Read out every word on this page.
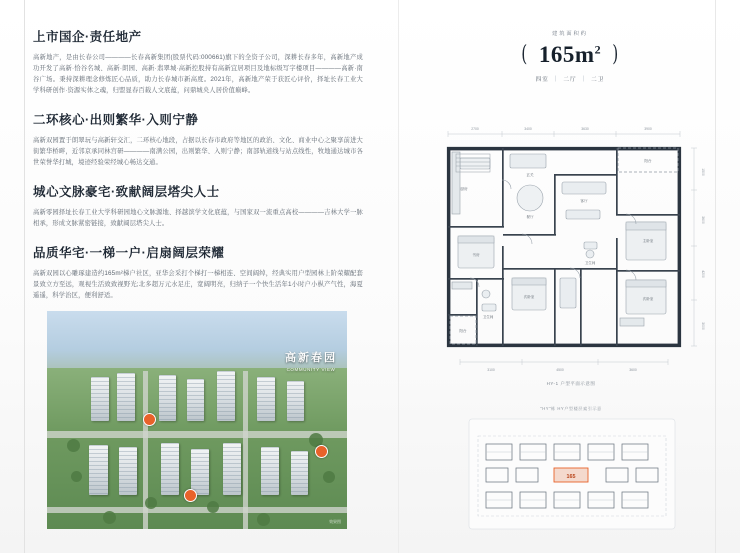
上市国企·责任地产

高新地产，是由长春公司————长春高新集团(股票代码:000661)旗下的全资子公司，深耕长春多年，高新地产成功开发了高新·恰谷名城、高新·朗园、高新·翡翠城·高新控股持有高新宜居项目及地标级写字楼项目————高新·南谷广场。秉持深耕理念修炼匠心品质，助力长春城市新高度。2021年，高新地产荣于获匠心评价，择址长春工业大学科研创作·资源实体之魂，归盟显春百载人文底蕴，问鼎城央人居价值巅峰。

二环核心·出则繁华·入则宁静

高新双园置于朗翠玩与高新轩交汇，二环核心地段，占据以长春市政府等地区的政治、文化、商业中心之聚享前进大街繁华桥畔，近邻京承同林宫研————南满公园，出则繁华、入则宁静；南部轨道线与站点线性，牧地通达城市各世荣誉华打城，境迹经验荣经城心畅达交通。

城心文脉豪宅·致献阔层塔尖人士

高新零园择址长春工业大学科研园地心文脉源地、择越滨学文化底蕴，与国家双一流重点高校————吉林大学一脉相承，形成文脉紧密链接，致献阔层塔尖人士。

品质华宅·一梯一户·启扇阔层荣耀

高新双园以心雕琢建造约165m²梯户社区，亚华会采打个梯打一梯相连、空间阔绰，经典实用户型园林上阶荣耀配套景致立方至远，观视生活致致视野光;北多超万元水足庄，宽阔明亮，归纳子一个快生活年1小时户小枞产气性，海夏遥遥，科学治区，便利舒适。

高新春园
COMMUNITY VIEW
效果图
建筑面积约
( $165m^2$ )
四室 | 二厅 | 二卫
2700	3400	3630	3900
1500
3600
4200
3000
3100	4500	3600
主卧室
次卧室
书房
次卧室
客厅
餐厅
厨房
卫生间
卫生间
阳台
阳台
玄关
HY-1 户型平面示意图
"HY"栋 HY户型楼层索引示意
165
